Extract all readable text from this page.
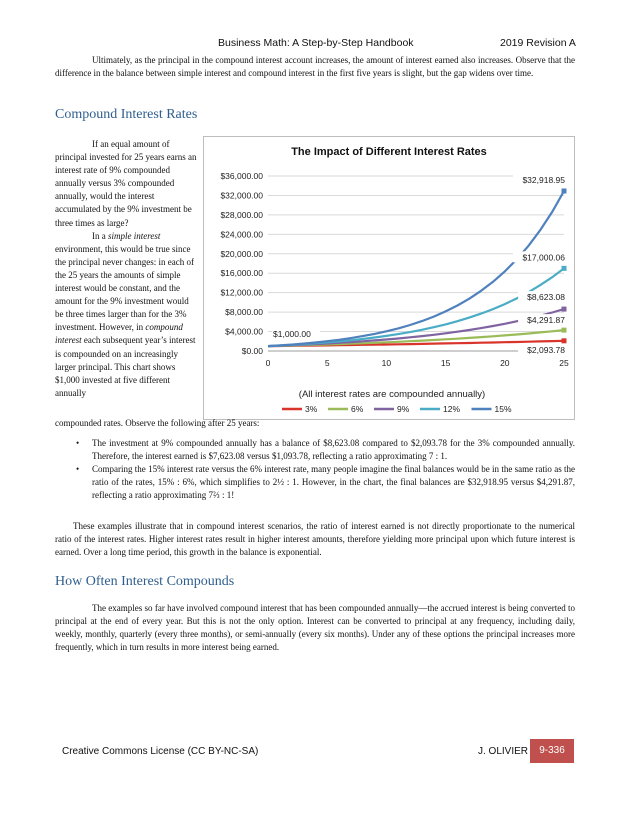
Business Math: A Step-by-Step Handbook	2019 Revision A
Ultimately, as the principal in the compound interest account increases, the amount of interest earned also increases. Observe that the difference in the balance between simple interest and compound interest in the first five years is slight, but the gap widens over time.
Compound Interest Rates
If an equal amount of principal invested for 25 years earns an interest rate of 9% compounded annually versus 3% compounded annually, would the interest accumulated by the 9% investment be three times as large?
In a simple interest environment, this would be true since the principal never changes: in each of the 25 years the amounts of simple interest would be constant, and the amount for the 9% investment would be three times larger than for the 3% investment. However, in compound interest each subsequent year’s interest is compounded on an increasingly larger principal. This chart shows $1,000 invested at five different annually
The Impact of Different Interest Rates
$0.00
$4,000.00
$8,000.00
$12,000.00
$16,000.00
$20,000.00
$24,000.00
$28,000.00
$32,000.00
$36,000.00
0	5	10	15	20	25
$1,000.00
$32,918.95
$17,000.06
$8,623.08
$4,291.87
$2,093.78
(All interest rates are compounded annually)
3%	6%	9%	12%	15%
compounded rates. Observe the following after 25 years:
• The investment at 9% compounded annually has a balance of $8,623.08 compared to $2,093.78 for the 3% compounded annually. Therefore, the interest earned is $7,623.08 versus $1,093.78, reflecting a ratio approximating 7 : 1.
• Comparing the 15% interest rate versus the 6% interest rate, many people imagine the final balances would be in the same ratio as the ratio of the rates, 15% : 6%, which simplifies to 2½ : 1. However, in the chart, the final balances are $32,918.95 versus $4,291.87, reflecting a ratio approximating 7⅔ : 1!
These examples illustrate that in compound interest scenarios, the ratio of interest earned is not directly proportionate to the numerical ratio of the interest rates. Higher interest rates result in higher interest amounts, therefore yielding more principal upon which future interest is earned. Over a long time period, this growth in the balance is exponential.
How Often Interest Compounds
The examples so far have involved compound interest that has been compounded annually—the accrued interest is being converted to principal at the end of every year. But this is not the only option. Interest can be converted to principal at any frequency, including daily, weekly, monthly, quarterly (every three months), or semi-annually (every six months). Under any of these options the principal increases more frequently, which in turn results in more interest being earned.
Creative Commons License (CC BY-NC-SA)	J. OLIVIER	9-336
